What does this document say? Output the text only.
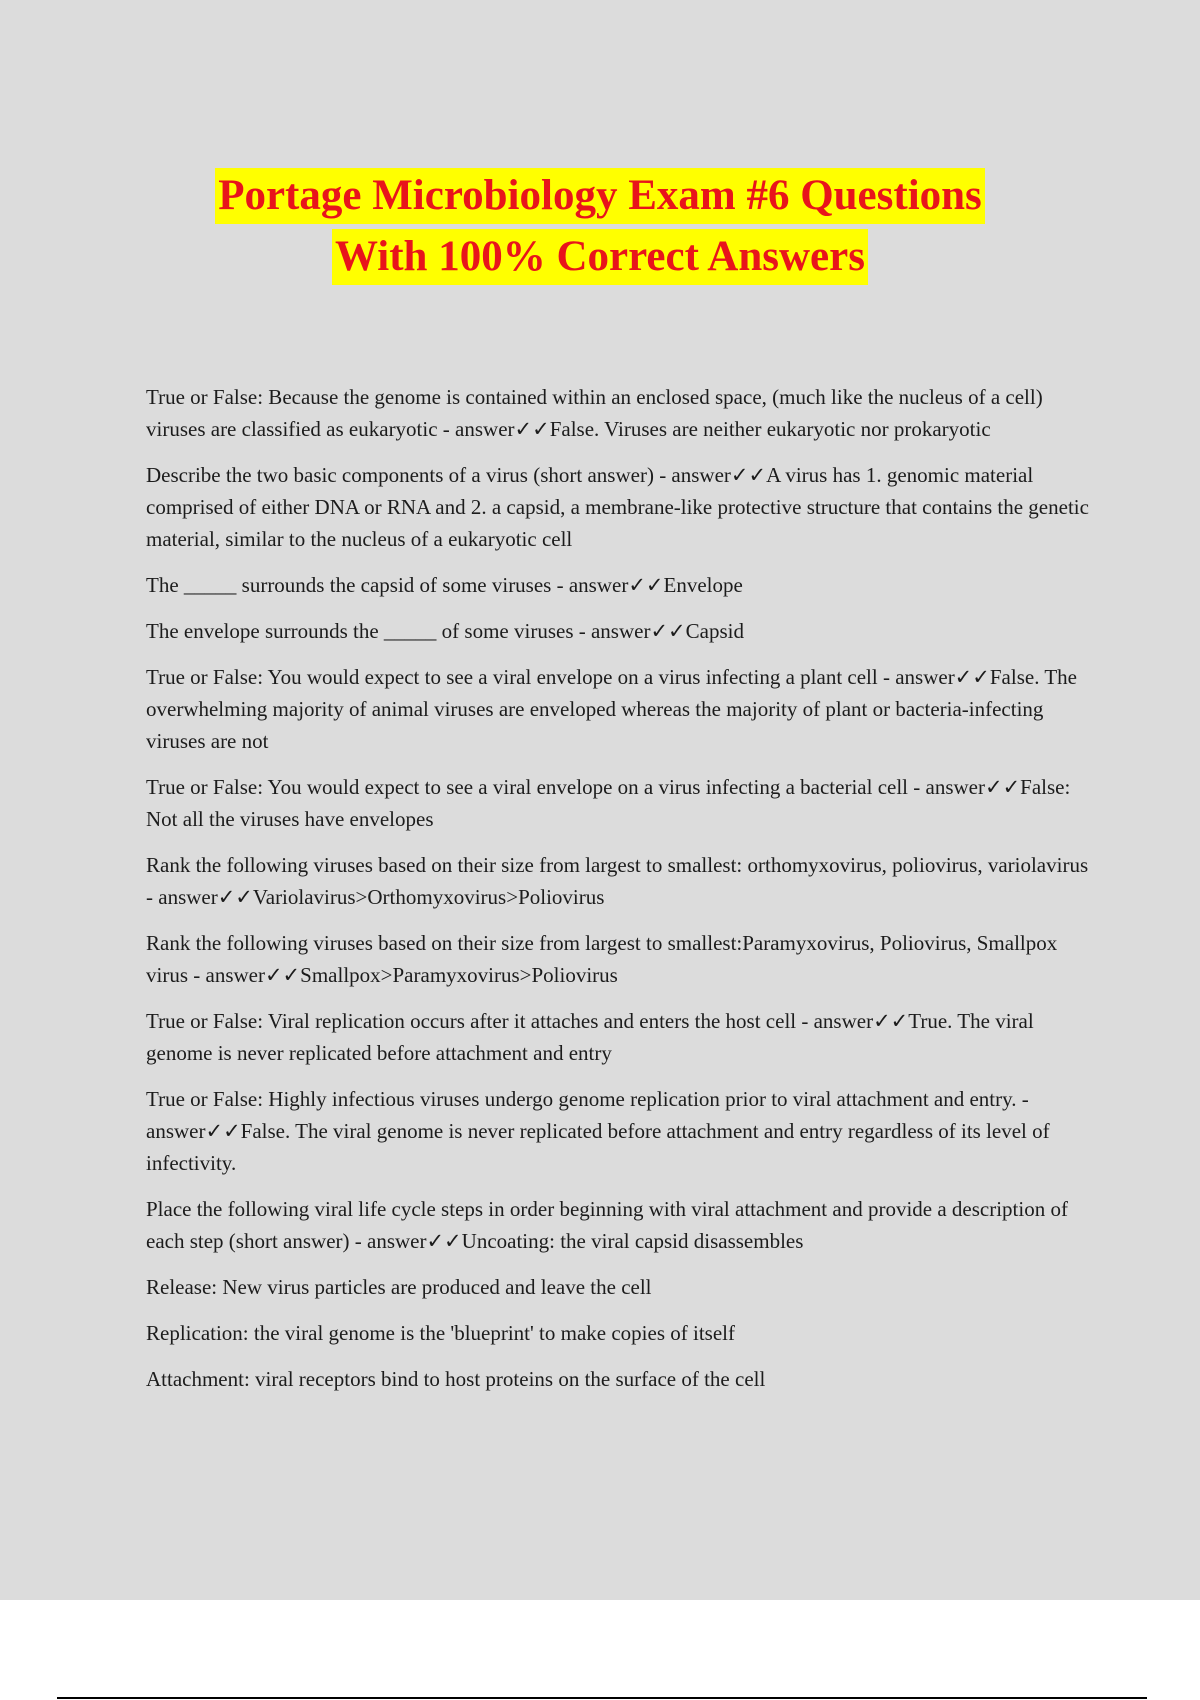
Portage Microbiology Exam #6 Questions
With 100% Correct Answers

True or False: Because the genome is contained within an enclosed space, (much like the nucleus of a cell) viruses are classified as eukaryotic - answer✓✓False. Viruses are neither eukaryotic nor prokaryotic

Describe the two basic components of a virus (short answer) - answer✓✓A virus has 1. genomic material comprised of either DNA or RNA and 2. a capsid, a membrane-like protective structure that contains the genetic material, similar to the nucleus of a eukaryotic cell

The _____ surrounds the capsid of some viruses - answer✓✓Envelope

The envelope surrounds the _____ of some viruses - answer✓✓Capsid

True or False: You would expect to see a viral envelope on a virus infecting a plant cell - answer✓✓False. The overwhelming majority of animal viruses are enveloped whereas the majority of plant or bacteria-infecting viruses are not

True or False: You would expect to see a viral envelope on a virus infecting a bacterial cell - answer✓✓False: Not all the viruses have envelopes

Rank the following viruses based on their size from largest to smallest: orthomyxovirus, poliovirus, variolavirus - answer✓✓Variolavirus>Orthomyxovirus>Poliovirus

Rank the following viruses based on their size from largest to smallest:Paramyxovirus, Poliovirus, Smallpox virus - answer✓✓Smallpox>Paramyxovirus>Poliovirus

True or False: Viral replication occurs after it attaches and enters the host cell - answer✓✓True. The viral genome is never replicated before attachment and entry

True or False: Highly infectious viruses undergo genome replication prior to viral attachment and entry. - answer✓✓False. The viral genome is never replicated before attachment and entry regardless of its level of infectivity.

Place the following viral life cycle steps in order beginning with viral attachment and provide a description of each step (short answer) - answer✓✓Uncoating: the viral capsid disassembles

Release: New virus particles are produced and leave the cell

Replication: the viral genome is the 'blueprint' to make copies of itself

Attachment: viral receptors bind to host proteins on the surface of the cell
